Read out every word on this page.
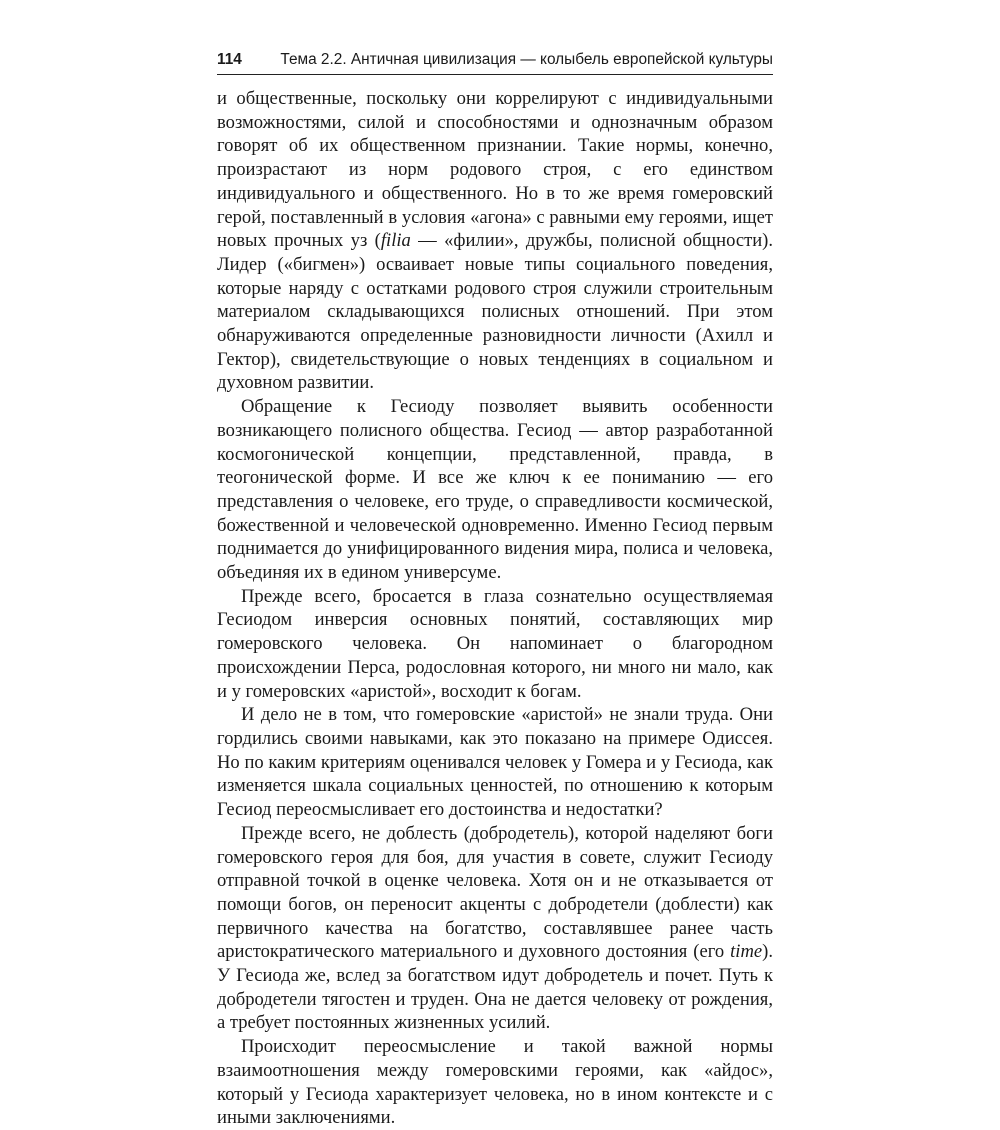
114	Тема 2.2. Античная цивилизация — колыбель европейской культуры

и общественные, поскольку они коррелируют с индивидуальными возможностями, силой и способностями и однозначным образом говорят об их общественном признании. Такие нормы, конечно, произрастают из норм родового строя, с его единством индивидуального и общественного. Но в то же время гомеровский герой, поставленный в условия «агона» с равными ему героями, ищет новых прочных уз (filia — «филии», дружбы, полисной общности). Лидер («бигмен») осваивает новые типы социального поведения, которые наряду с остатками родового строя служили строительным материалом складывающихся полисных отношений. При этом обнаруживаются определенные разновидности личности (Ахилл и Гектор), свидетельствующие о новых тенденциях в социальном и духовном развитии.

Обращение к Гесиоду позволяет выявить особенности возникающего полисного общества. Гесиод — автор разработанной космогонической концепции, представленной, правда, в теогонической форме. И все же ключ к ее пониманию — его представления о человеке, его труде, о справедливости космической, божественной и человеческой одновременно. Именно Гесиод первым поднимается до унифицированного видения мира, полиса и человека, объединяя их в едином универсуме.

Прежде всего, бросается в глаза сознательно осуществляемая Гесиодом инверсия основных понятий, составляющих мир гомеровского человека. Он напоминает о благородном происхождении Перса, родословная которого, ни много ни мало, как и у гомеровских «аристой», восходит к богам.

И дело не в том, что гомеровские «аристой» не знали труда. Они гордились своими навыками, как это показано на примере Одиссея. Но по каким критериям оценивался человек у Гомера и у Гесиода, как изменяется шкала социальных ценностей, по отношению к которым Гесиод переосмысливает его достоинства и недостатки?

Прежде всего, не доблесть (добродетель), которой наделяют боги гомеровского героя для боя, для участия в совете, служит Гесиоду отправной точкой в оценке человека. Хотя он и не отказывается от помощи богов, он переносит акценты с добродетели (доблести) как первичного качества на богатство, составлявшее ранее часть аристократического материального и духовного достояния (его time). У Гесиода же, вслед за богатством идут добродетель и почет. Путь к добродетели тягостен и труден. Она не дается человеку от рождения, а требует постоянных жизненных усилий.

Происходит переосмысление и такой важной нормы взаимоотношения между гомеровскими героями, как «айдос», который у Гесиода характеризует человека, но в ином контексте и с иными заключениями.
